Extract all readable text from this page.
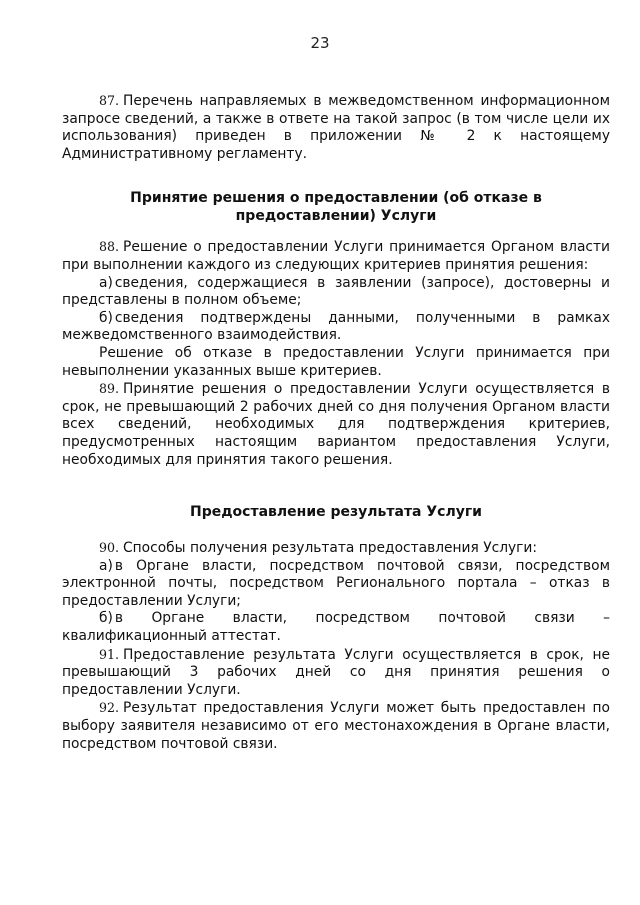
23

87. Перечень направляемых в межведомственном информационном запросе сведений, а также в ответе на такой запрос (в том числе цели их использования) приведен в приложении № 2 к настоящему Административному регламенту.

Принятие решения о предоставлении (об отказе в предоставлении) Услуги

88. Решение о предоставлении Услуги принимается Органом власти при выполнении каждого из следующих критериев принятия решения:

а) сведения, содержащиеся в заявлении (запросе), достоверны и представлены в полном объеме;

б) сведения подтверждены данными, полученными в рамках межведомственного взаимодействия.

Решение об отказе в предоставлении Услуги принимается при невыполнении указанных выше критериев.

89. Принятие решения о предоставлении Услуги осуществляется в срок, не превышающий 2 рабочих дней со дня получения Органом власти всех сведений, необходимых для подтверждения критериев, предусмотренных настоящим вариантом предоставления Услуги, необходимых для принятия такого решения.

Предоставление результата Услуги

90. Способы получения результата предоставления Услуги:

а) в Органе власти, посредством почтовой связи, посредством электронной почты, посредством Регионального портала – отказ в предоставлении Услуги;

б) в Органе власти, посредством почтовой связи – квалификационный аттестат.

91. Предоставление результата Услуги осуществляется в срок, не превышающий 3 рабочих дней со дня принятия решения о предоставлении Услуги.

92. Результат предоставления Услуги может быть предоставлен по выбору заявителя независимо от его местонахождения в Органе власти, посредством почтовой связи.
